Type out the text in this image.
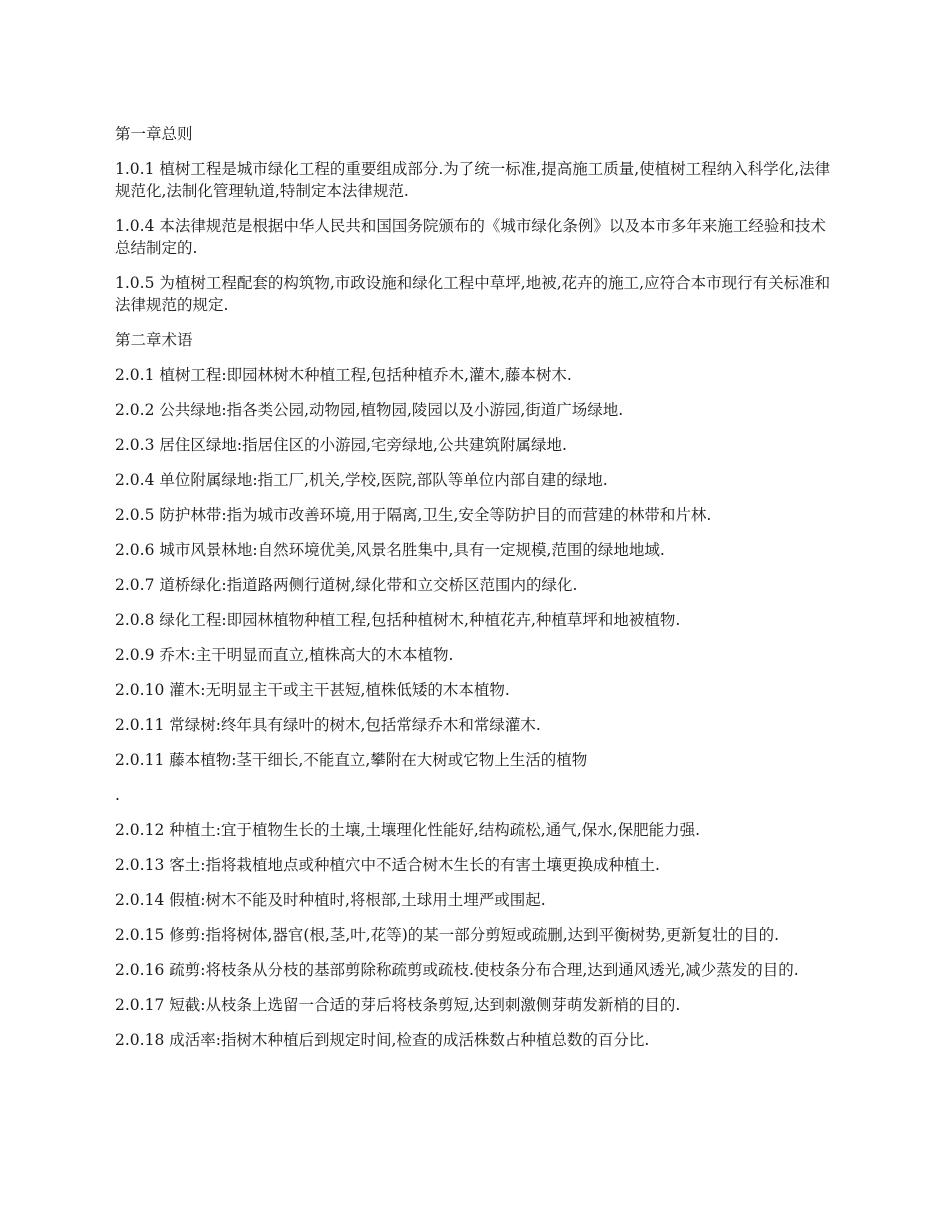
第一章总则

1.0.1 植树工程是城市绿化工程的重要组成部分.为了统一标准,提高施工质量,使植树工程纳入科学化,法律规范化,法制化管理轨道,特制定本法律规范.

1.0.4 本法律规范是根据中华人民共和国国务院颁布的《城市绿化条例》以及本市多年来施工经验和技术总结制定的.

1.0.5 为植树工程配套的构筑物,市政设施和绿化工程中草坪,地被,花卉的施工,应符合本市现行有关标准和法律规范的规定.

第二章术语

2.0.1 植树工程:即园林树木种植工程,包括种植乔木,灌木,藤本树木.

2.0.2 公共绿地:指各类公园,动物园,植物园,陵园以及小游园,街道广场绿地.

2.0.3 居住区绿地:指居住区的小游园,宅旁绿地,公共建筑附属绿地.

2.0.4 单位附属绿地:指工厂,机关,学校,医院,部队等单位内部自建的绿地.

2.0.5 防护林带:指为城市改善环境,用于隔离,卫生,安全等防护目的而营建的林带和片林.

2.0.6 城市风景林地:自然环境优美,风景名胜集中,具有一定规模,范围的绿地地域.

2.0.7 道桥绿化:指道路两侧行道树,绿化带和立交桥区范围内的绿化.

2.0.8 绿化工程:即园林植物种植工程,包括种植树木,种植花卉,种植草坪和地被植物.

2.0.9 乔木:主干明显而直立,植株高大的木本植物.

2.0.10 灌木:无明显主干或主干甚短,植株低矮的木本植物.

2.0.11 常绿树:终年具有绿叶的树木,包括常绿乔木和常绿灌木.

2.0.11 藤本植物:茎干细长,不能直立,攀附在大树或它物上生活的植物

.

2.0.12 种植土:宜于植物生长的土壤,土壤理化性能好,结构疏松,通气,保水,保肥能力强.

2.0.13 客土:指将栽植地点或种植穴中不适合树木生长的有害土壤更换成种植土.

2.0.14 假植:树木不能及时种植时,将根部,土球用土埋严或围起.

2.0.15 修剪:指将树体,器官(根,茎,叶,花等)的某一部分剪短或疏删,达到平衡树势,更新复壮的目的.

2.0.16 疏剪:将枝条从分枝的基部剪除称疏剪或疏枝.使枝条分布合理,达到通风透光,减少蒸发的目的.

2.0.17 短截:从枝条上选留一合适的芽后将枝条剪短,达到刺激侧芽萌发新梢的目的.

2.0.18 成活率:指树木种植后到规定时间,检查的成活株数占种植总数的百分比.
